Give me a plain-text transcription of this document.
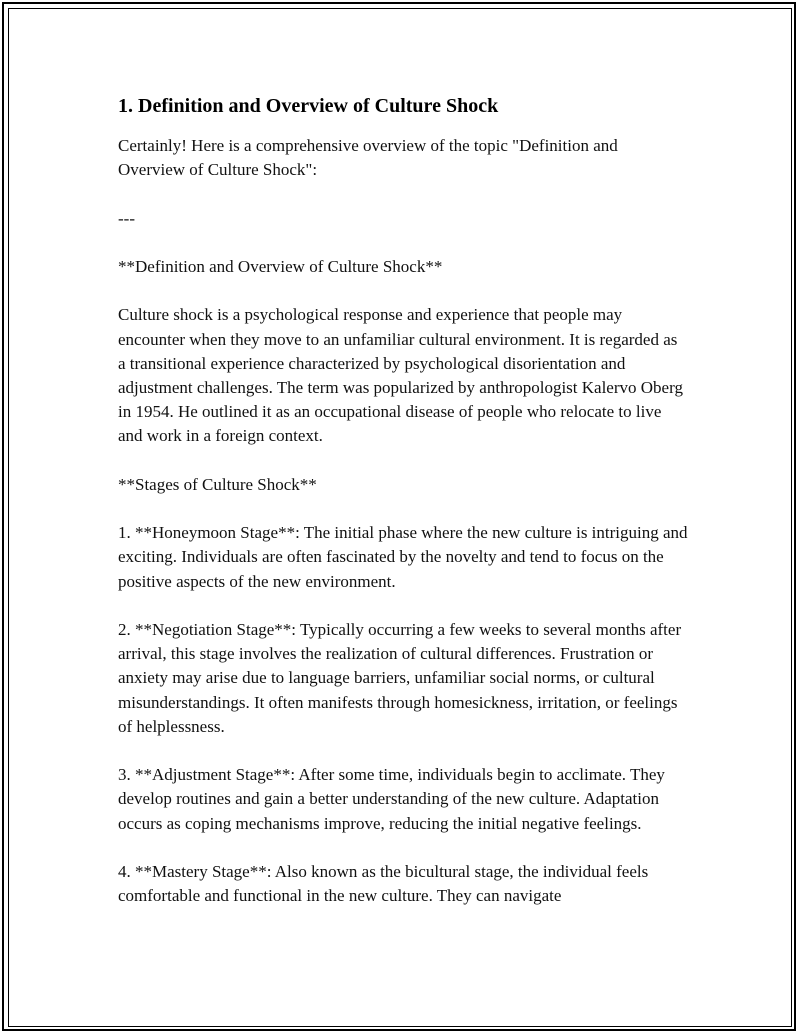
1. Definition and Overview of Culture Shock

Certainly! Here is a comprehensive overview of the topic "Definition and Overview of Culture Shock":

---

**Definition and Overview of Culture Shock**

Culture shock is a psychological response and experience that people may encounter when they move to an unfamiliar cultural environment. It is regarded as a transitional experience characterized by psychological disorientation and adjustment challenges. The term was popularized by anthropologist Kalervo Oberg in 1954. He outlined it as an occupational disease of people who relocate to live and work in a foreign context.

**Stages of Culture Shock**

1. **Honeymoon Stage**: The initial phase where the new culture is intriguing and exciting. Individuals are often fascinated by the novelty and tend to focus on the positive aspects of the new environment.

2. **Negotiation Stage**: Typically occurring a few weeks to several months after arrival, this stage involves the realization of cultural differences. Frustration or anxiety may arise due to language barriers, unfamiliar social norms, or cultural misunderstandings. It often manifests through homesickness, irritation, or feelings of helplessness.

3. **Adjustment Stage**: After some time, individuals begin to acclimate. They develop routines and gain a better understanding of the new culture. Adaptation occurs as coping mechanisms improve, reducing the initial negative feelings.

4. **Mastery Stage**: Also known as the bicultural stage, the individual feels comfortable and functional in the new culture. They can navigate
